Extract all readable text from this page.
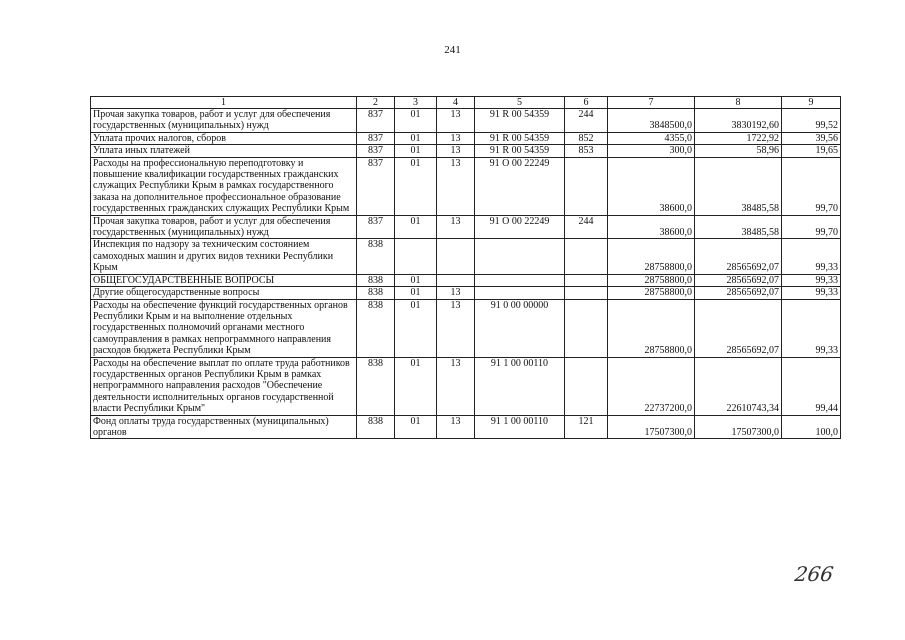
241
1	2	3	4	5	6	7	8	9
Прочая закупка товаров, работ и услуг для обеспечения государственных (муниципальных) нужд	837	01	13	91 R 00 54359	244	3848500,0	3830192,60	99,52
Уплата прочих налогов, сборов	837	01	13	91 R 00 54359	852	4355,0	1722,92	39,56
Уплата иных платежей	837	01	13	91 R 00 54359	853	300,0	58,96	19,65
Расходы на профессиональную переподготовку и повышение квалификации государственных гражданских служащих Республики Крым в рамках государственного заказа на дополнительное профессиональное образование государственных гражданских служащих Республики Крым	837	01	13	91 О 00 22249		38600,0	38485,58	99,70
Прочая закупка товаров, работ и услуг для обеспечения государственных (муниципальных) нужд	837	01	13	91 О 00 22249	244	38600,0	38485,58	99,70
Инспекция по надзору за техническим состоянием самоходных машин и других видов техники Республики Крым	838					28758800,0	28565692,07	99,33
ОБЩЕГОСУДАРСТВЕННЫЕ ВОПРОСЫ	838	01				28758800,0	28565692,07	99,33
Другие общегосударственные вопросы	838	01	13			28758800,0	28565692,07	99,33
Расходы на обеспечение функций государственных органов Республики Крым и на выполнение отдельных государственных полномочий органами местного самоуправления в рамках непрограммного направления расходов бюджета Республики Крым	838	01	13	91 0 00 00000		28758800,0	28565692,07	99,33
Расходы на обеспечение выплат по оплате труда работников государственных органов Республики Крым в рамках непрограммного направления расходов "Обеспечение деятельности исполнительных органов государственной власти Республики Крым"	838	01	13	91 1 00 00110		22737200,0	22610743,34	99,44
Фонд оплаты труда государственных (муниципальных) органов	838	01	13	91 1 00 00110	121	17507300,0	17507300,0	100,0
266
